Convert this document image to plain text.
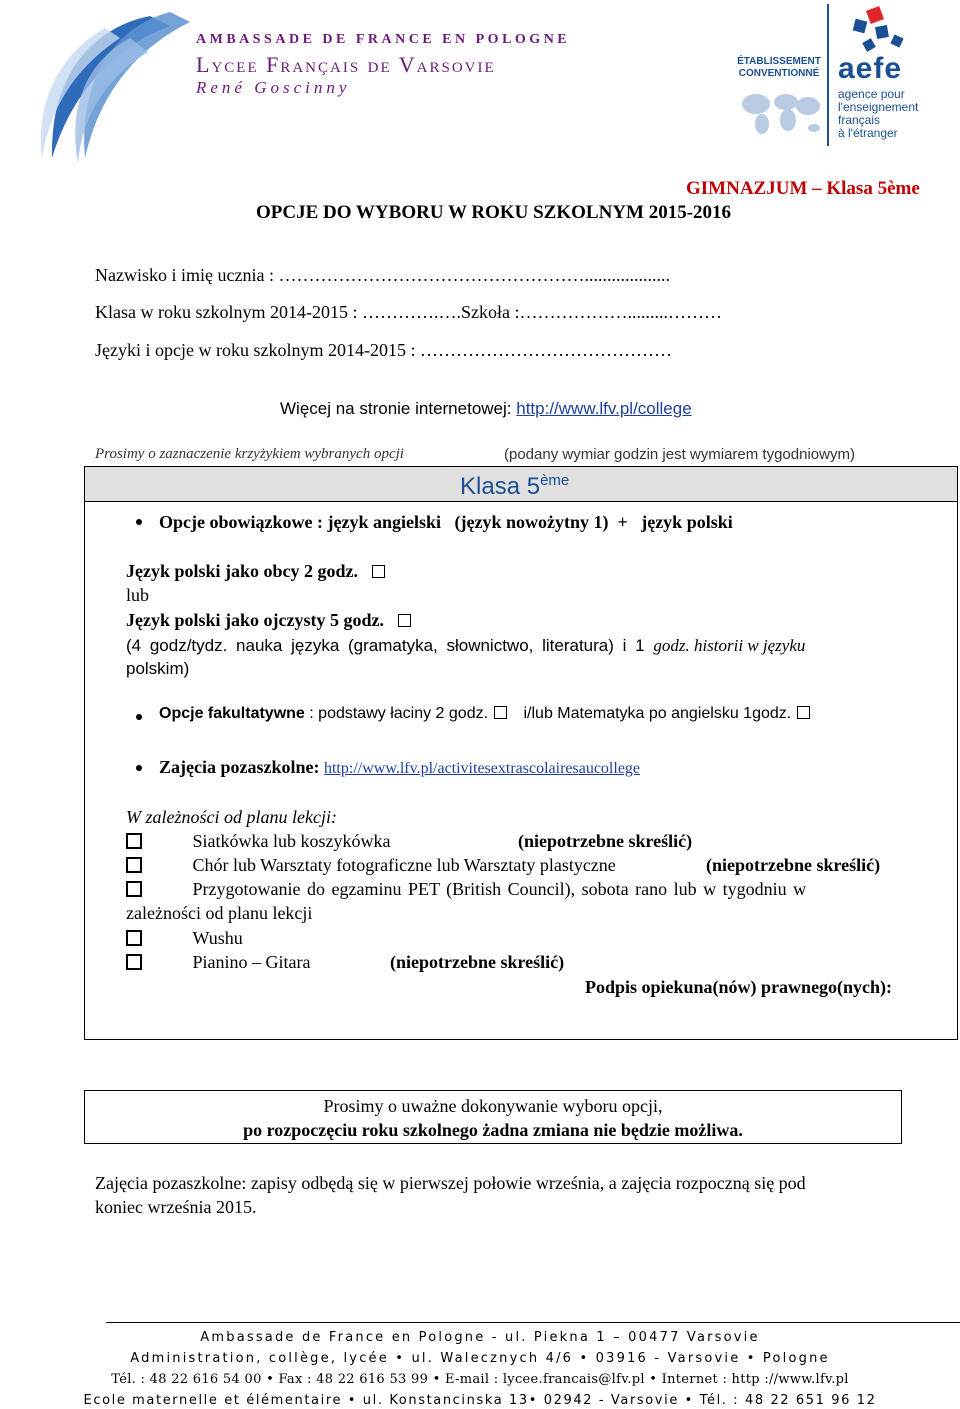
AMBASSADE DE FRANCE EN POLOGNE
Lycee Français de Varsovie
René Goscinny
ÉTABLISSEMENT
CONVENTIONNÉ aefe
agence pour
l'enseignement
français
à l'étranger
GIMNAZJUM – Klasa 5ème
OPCJE DO WYBORU W ROKU SZKOLNYM 2015-2016
Nazwisko i imię ucznia : ……………………………………………...................
Klasa w roku szkolnym 2014-2015 : ………….….Szkoła :……………….........………
Języki i opcje w roku szkolnym 2014-2015 : ……………………………………
Więcej na stronie internetowej: http://www.lfv.pl/college
Prosimy o zaznaczenie krzyżykiem wybranych opcji	(podany wymiar godzin jest wymiarem tygodniowym)
Klasa 5ème
Opcje obowiązkowe : język angielski   (język nowożytny 1)  +   język polski
Język polski jako obcy 2 godz.
lub
Język polski jako ojczysty 5 godz.
(4 godz/tydz. nauka języka (gramatyka, słownictwo, literatura) i 1 godz. historii w języku
polskim)
Opcje fakultatywne : podstawy łaciny 2 godz. i/lub Matematyka po angielsku 1godz.
Zajęcia pozaszkolne: http://www.lfv.pl/activitesextrascolairesaucollege
W zależności od planu lekcji:
Siatkówka lub koszykówka	(niepotrzebne skreślić)
Chór lub Warsztaty fotograficzne lub Warsztaty plastyczne	(niepotrzebne skreślić)
Przygotowanie do egzaminu PET (British Council), sobota rano lub w tygodniu w
zależności od planu lekcji
Wushu
Pianino – Gitara	(niepotrzebne skreślić)
Podpis opiekuna(nów) prawnego(nych):
Prosimy o uważne dokonywanie wyboru opcji,
po rozpoczęciu roku szkolnego żadna zmiana nie będzie możliwa.
Zajęcia pozaszkolne: zapisy odbędą się w pierwszej połowie września, a zajęcia rozpoczną się pod
koniec września 2015.
Ambassade de France en Pologne - ul. Piekna 1 – 00477 Varsovie
Administration, collège, lycée • ul. Walecznych 4/6 • 03916 - Varsovie • Pologne
Tél. : 48 22 616 54 00 • Fax : 48 22 616 53 99 • E-mail : lycee.francais@lfv.pl • Internet : http ://www.lfv.pl
Ecole maternelle et élémentaire • ul. Konstancinska 13• 02942 - Varsovie • Tél. : 48 22 651 96 12
